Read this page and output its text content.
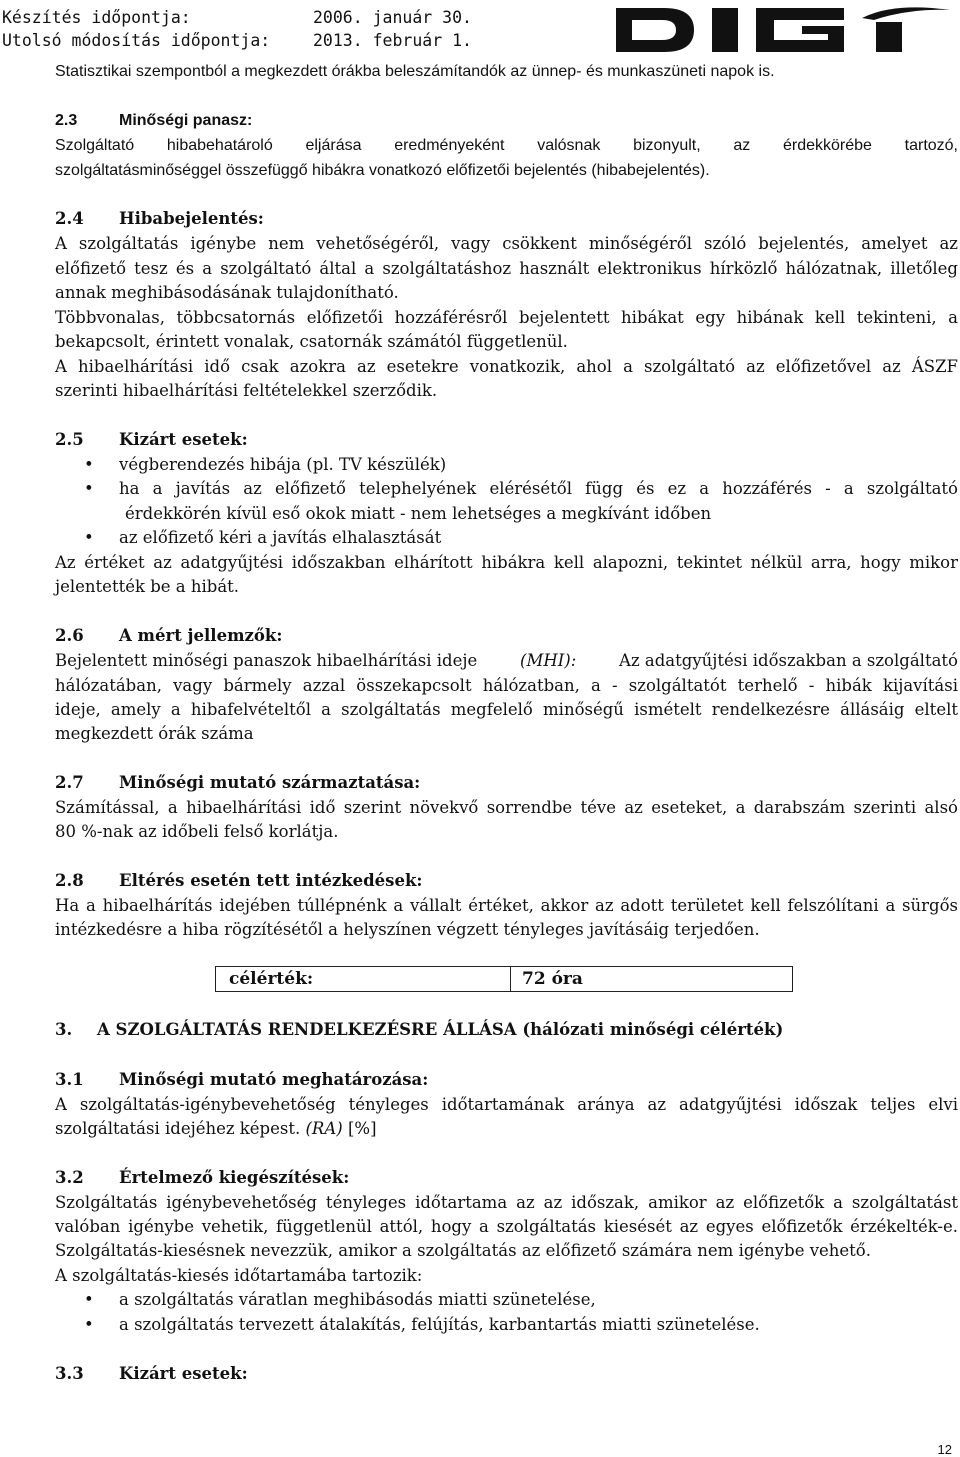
Készítés időpontja:	2006. január 30.
Utolsó módosítás időpontja:	2013. február 1.
Statisztikai szempontból a megkezdett órákba beleszámítandók az ünnep- és munkaszüneti napok is.
2.3	Minőségi panasz:
Szolgáltató hibabehatároló eljárása eredményeként valósnak bizonyult, az érdekkörébe tartozó,
szolgáltatásminőséggel összefüggő hibákra vonatkozó előfizetői bejelentés (hibabejelentés).
2.4 Hibabejelentés:
A szolgáltatás igénybe nem vehetőségéről, vagy csökkent minőségéről szóló bejelentés, amelyet az
előfizető tesz és a szolgáltató által a szolgáltatáshoz használt elektronikus hírközlő hálózatnak, illetőleg
annak meghibásodásának tulajdonítható.
Többvonalas, többcsatornás előfizetői hozzáférésről bejelentett hibákat egy hibának kell tekinteni, a
bekapcsolt, érintett vonalak, csatornák számától függetlenül.
A hibaelhárítási idő csak azokra az esetekre vonatkozik, ahol a szolgáltató az előfizetővel az ÁSZF
szerinti hibaelhárítási feltételekkel szerződik.
2.5 Kizárt esetek:
• végberendezés hibája (pl. TV készülék)
• ha a javítás az előfizető telephelyének elérésétől függ és ez a hozzáférés - a szolgáltató
érdekkörén kívül eső okok miatt - nem lehetséges a megkívánt időben
• az előfizető kéri a javítás elhalasztását
Az értéket az adatgyűjtési időszakban elhárított hibákra kell alapozni, tekintet nélkül arra, hogy mikor
jelentették be a hibát.
2.6 A mért jellemzők:
Bejelentett minőségi panaszok hibaelhárítási ideje	(MHI):	Az adatgyűjtési időszakban a szolgáltató
hálózatában, vagy bármely azzal összekapcsolt hálózatban, a - szolgáltatót terhelő - hibák kijavítási
ideje, amely a hibafelvételtől a szolgáltatás megfelelő minőségű ismételt rendelkezésre állásáig eltelt
megkezdett órák száma
2.7 Minőségi mutató származtatása:
Számítással, a hibaelhárítási idő szerint növekvő sorrendbe téve az eseteket, a darabszám szerinti alsó
80 %-nak az időbeli felső korlátja.
2.8 Eltérés esetén tett intézkedések:
Ha a hibaelhárítás idejében túllépnénk a vállalt értéket, akkor az adott területet kell felszólítani a sürgős
intézkedésre a hiba rögzítésétől a helyszínen végzett tényleges javításáig terjedően.
célérték:	72 óra
3. A SZOLGÁLTATÁS RENDELKEZÉSRE ÁLLÁSA (hálózati minőségi célérték)
3.1 Minőségi mutató meghatározása:
A szolgáltatás-igénybevehetőség tényleges időtartamának aránya az adatgyűjtési időszak teljes elvi
szolgáltatási idejéhez képest. (RA) [%]
3.2 Értelmező kiegészítések:
Szolgáltatás igénybevehetőség tényleges időtartama az az időszak, amikor az előfizetők a szolgáltatást
valóban igénybe vehetik, függetlenül attól, hogy a szolgáltatás kiesését az egyes előfizetők érzékelték-e.
Szolgáltatás-kiesésnek nevezzük, amikor a szolgáltatás az előfizető számára nem igénybe vehető.
A szolgáltatás-kiesés időtartamába tartozik:
• a szolgáltatás váratlan meghibásodás miatti szünetelése,
• a szolgáltatás tervezett átalakítás, felújítás, karbantartás miatti szünetelése.
3.3 Kizárt esetek:
12
